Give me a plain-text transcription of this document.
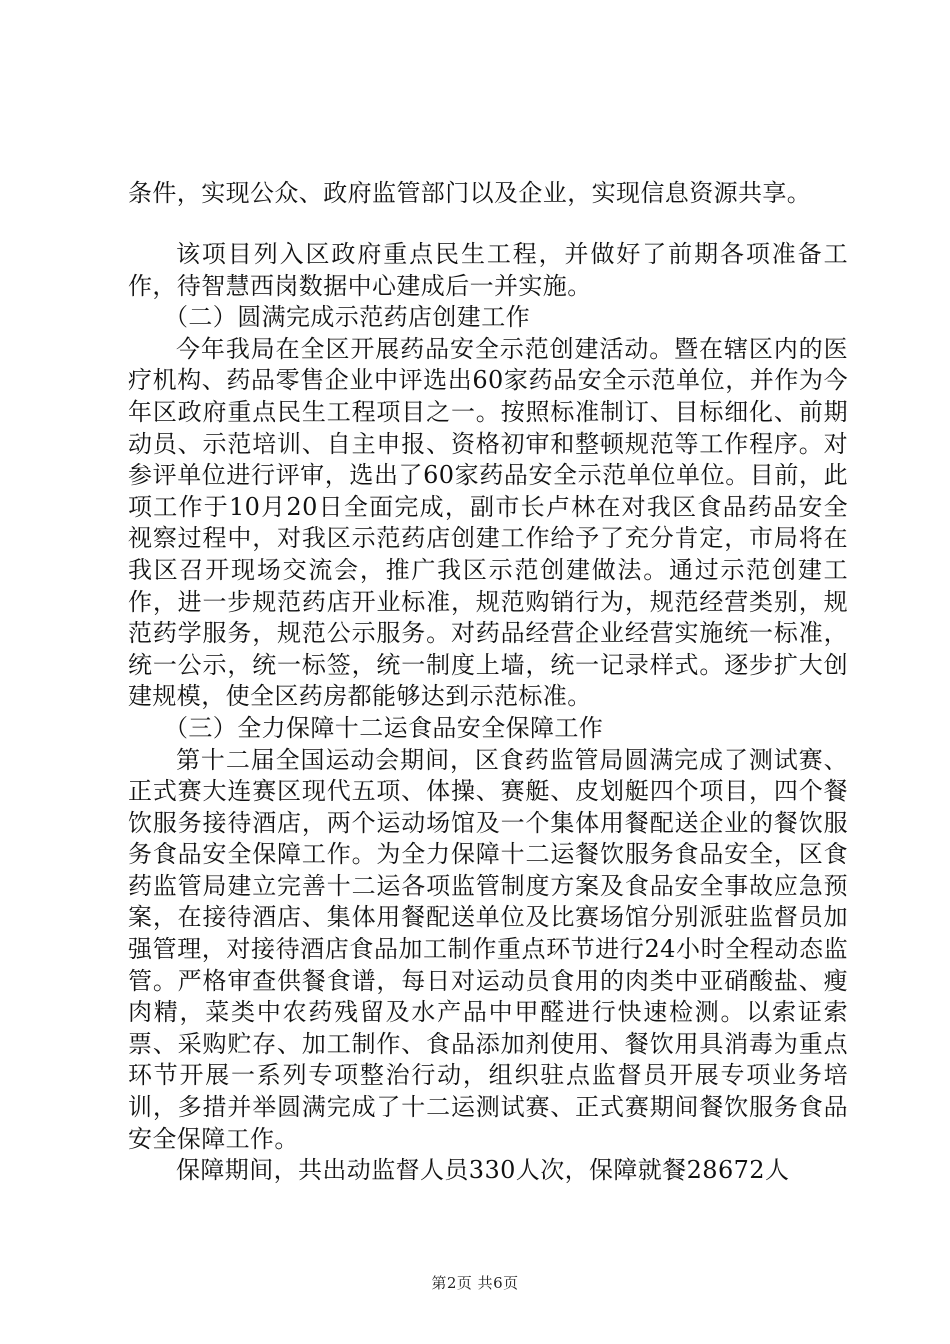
条件，实现公众、政府监管部门以及企业，实现信息资源共享。

该项目列入区政府重点民生工程，并做好了前期各项准备工作，待智慧西岗数据中心建成后一并实施。

（二）圆满完成示范药店创建工作

今年我局在全区开展药品安全示范创建活动。暨在辖区内的医疗机构、药品零售企业中评选出60家药品安全示范单位，并作为今年区政府重点民生工程项目之一。按照标准制订、目标细化、前期动员、示范培训、自主申报、资格初审和整顿规范等工作程序。对参评单位进行评审，选出了60家药品安全示范单位单位。目前，此项工作于10月20日全面完成，副市长卢林在对我区食品药品安全视察过程中，对我区示范药店创建工作给予了充分肯定，市局将在我区召开现场交流会，推广我区示范创建做法。通过示范创建工作，进一步规范药店开业标准，规范购销行为，规范经营类别，规范药学服务，规范公示服务。对药品经营企业经营实施统一标准，统一公示，统一标签，统一制度上墙，统一记录样式。逐步扩大创建规模，使全区药房都能够达到示范标准。

（三）全力保障十二运食品安全保障工作

第十二届全国运动会期间，区食药监管局圆满完成了测试赛、正式赛大连赛区现代五项、体操、赛艇、皮划艇四个项目，四个餐饮服务接待酒店，两个运动场馆及一个集体用餐配送企业的餐饮服务食品安全保障工作。为全力保障十二运餐饮服务食品安全，区食药监管局建立完善十二运各项监管制度方案及食品安全事故应急预案，在接待酒店、集体用餐配送单位及比赛场馆分别派驻监督员加强管理，对接待酒店食品加工制作重点环节进行24小时全程动态监管。严格审查供餐食谱，每日对运动员食用的肉类中亚硝酸盐、瘦肉精，菜类中农药残留及水产品中甲醛进行快速检测。以索证索票、采购贮存、加工制作、食品添加剂使用、餐饮用具消毒为重点环节开展一系列专项整治行动，组织驻点监督员开展专项业务培训，多措并举圆满完成了十二运测试赛、正式赛期间餐饮服务食品安全保障工作。

保障期间，共出动监督人员330人次，保障就餐28672人

第2页 共6页
